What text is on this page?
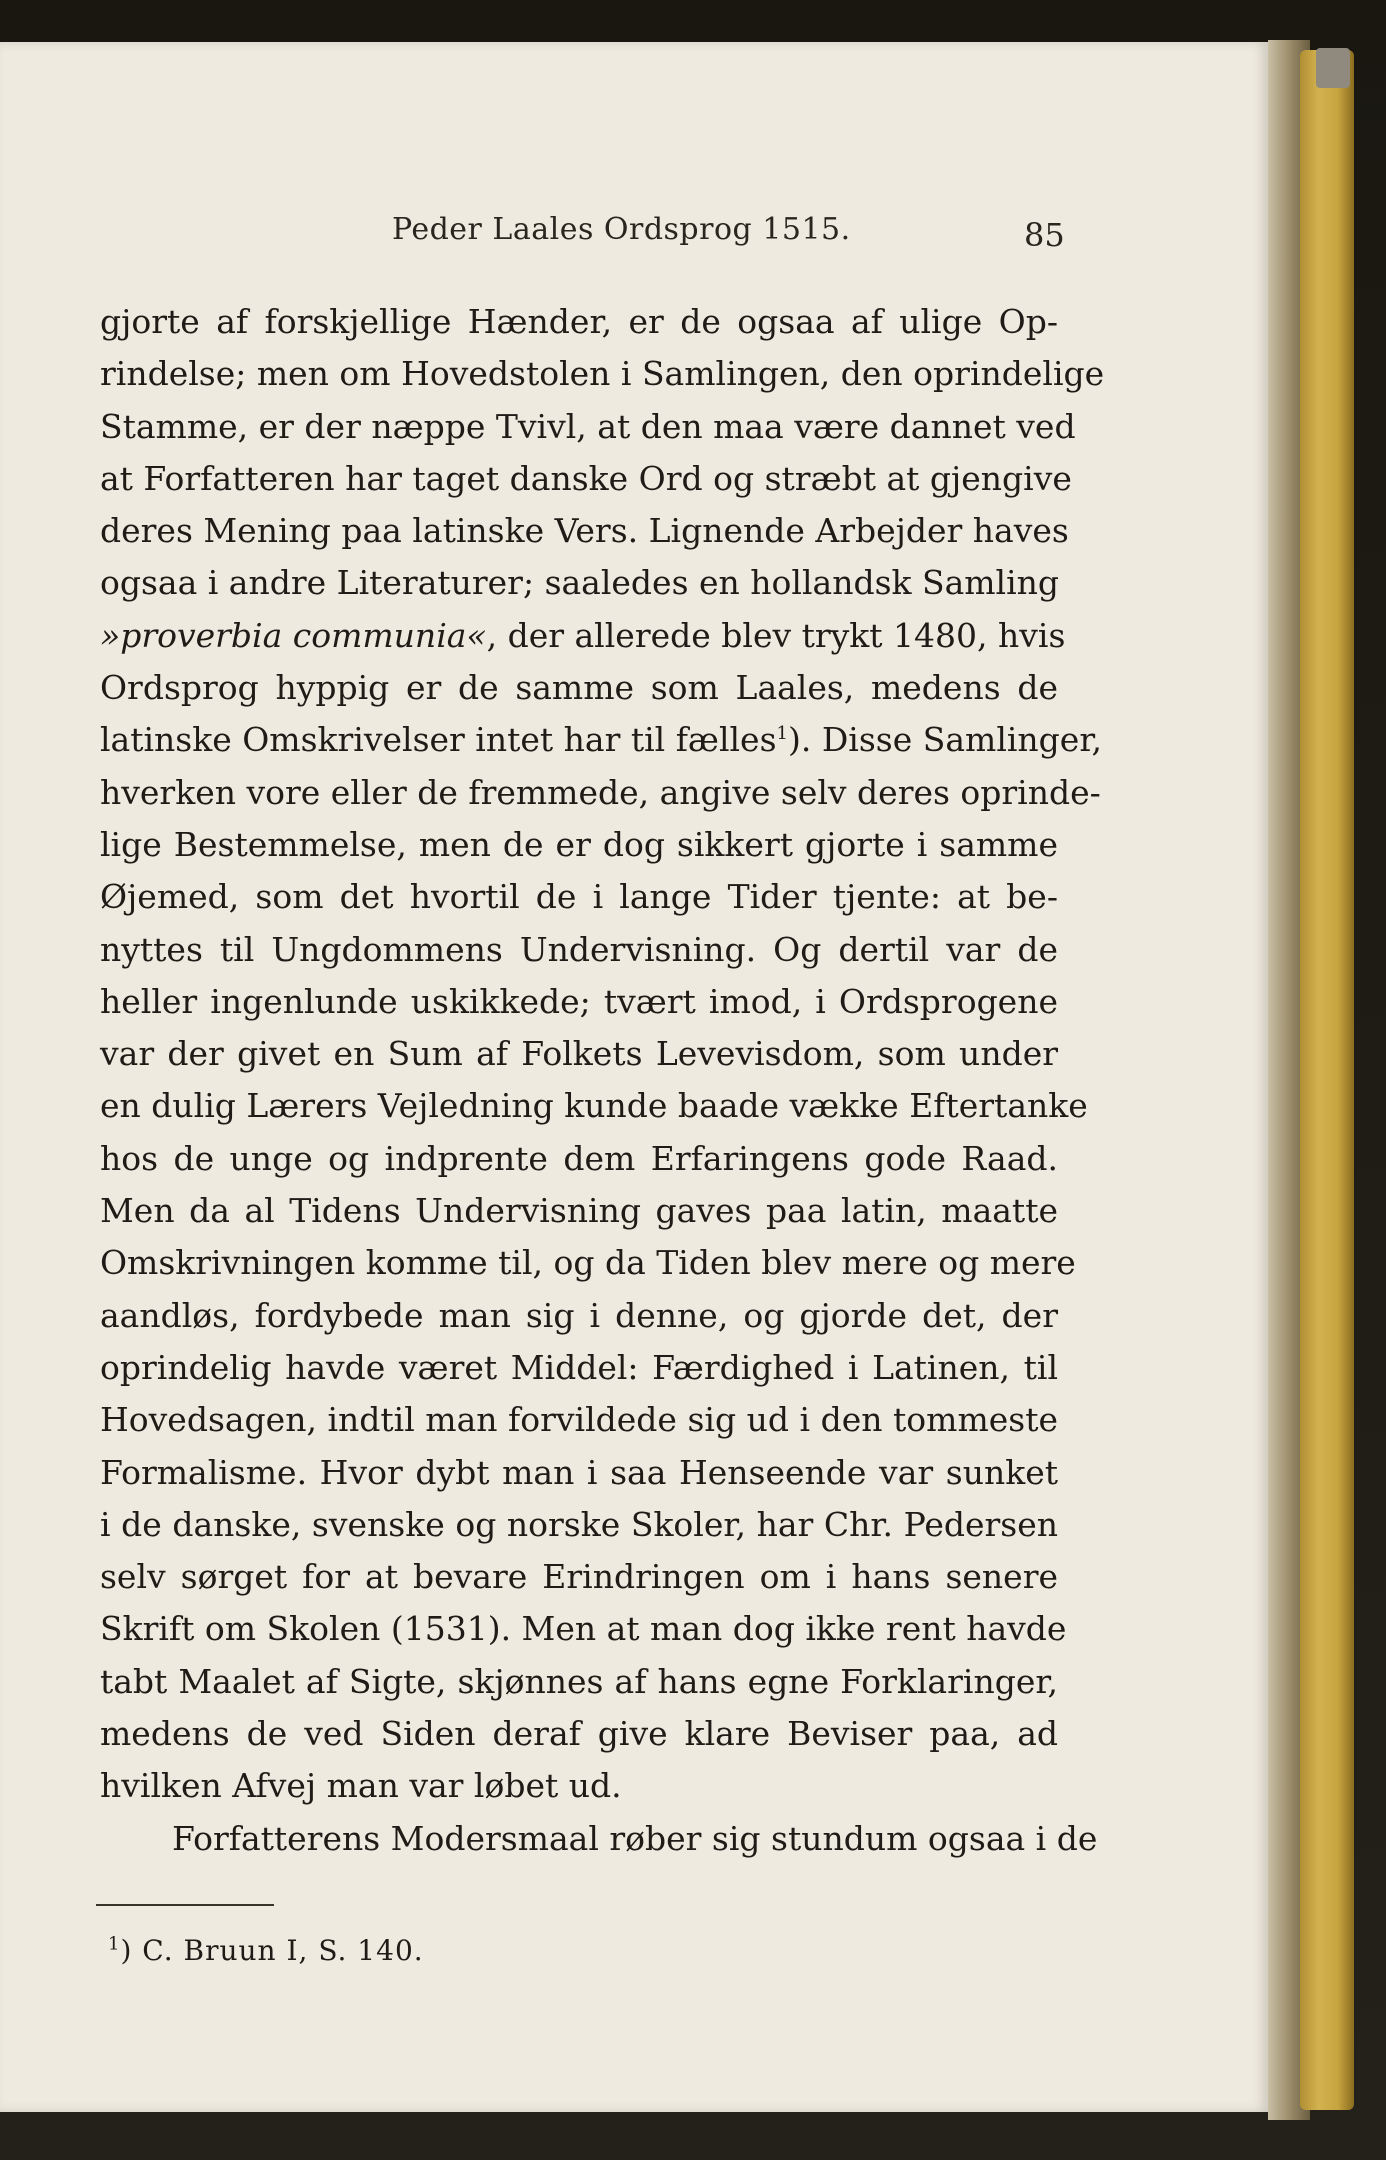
Peder Laales Ordsprog 1515.	85
gjorte af forskjellige Hænder, er de ogsaa af ulige Op-
rindelse; men om Hovedstolen i Samlingen, den oprindelige
Stamme, er der næppe Tvivl, at den maa være dannet ved
at Forfatteren har taget danske Ord og stræbt at gjengive
deres Mening paa latinske Vers. Lignende Arbejder haves
ogsaa i andre Literaturer; saaledes en hollandsk Samling
»proverbia communia«, der allerede blev trykt 1480, hvis
Ordsprog hyppig er de samme som Laales, medens de
latinske Omskrivelser intet har til fælles$^1$). Disse Samlinger,
hverken vore eller de fremmede, angive selv deres oprinde-
lige Bestemmelse, men de er dog sikkert gjorte i samme
Øjemed, som det hvortil de i lange Tider tjente: at be-
nyttes til Ungdommens Undervisning. Og dertil var de
heller ingenlunde uskikkede; tvært imod, i Ordsprogene
var der givet en Sum af Folkets Levevisdom, som under
en dulig Lærers Vejledning kunde baade vække Eftertanke
hos de unge og indprente dem Erfaringens gode Raad.
Men da al Tidens Undervisning gaves paa latin, maatte
Omskrivningen komme til, og da Tiden blev mere og mere
aandløs, fordybede man sig i denne, og gjorde det, der
oprindelig havde været Middel: Færdighed i Latinen, til
Hovedsagen, indtil man forvildede sig ud i den tommeste
Formalisme. Hvor dybt man i saa Henseende var sunket
i de danske, svenske og norske Skoler, har Chr. Pedersen
selv sørget for at bevare Erindringen om i hans senere
Skrift om Skolen (1531). Men at man dog ikke rent havde
tabt Maalet af Sigte, skjønnes af hans egne Forklaringer,
medens de ved Siden deraf give klare Beviser paa, ad
hvilken Afvej man var løbet ud.
Forfatterens Modersmaal røber sig stundum ogsaa i de
$^1$) C. Bruun I, S. 140.
